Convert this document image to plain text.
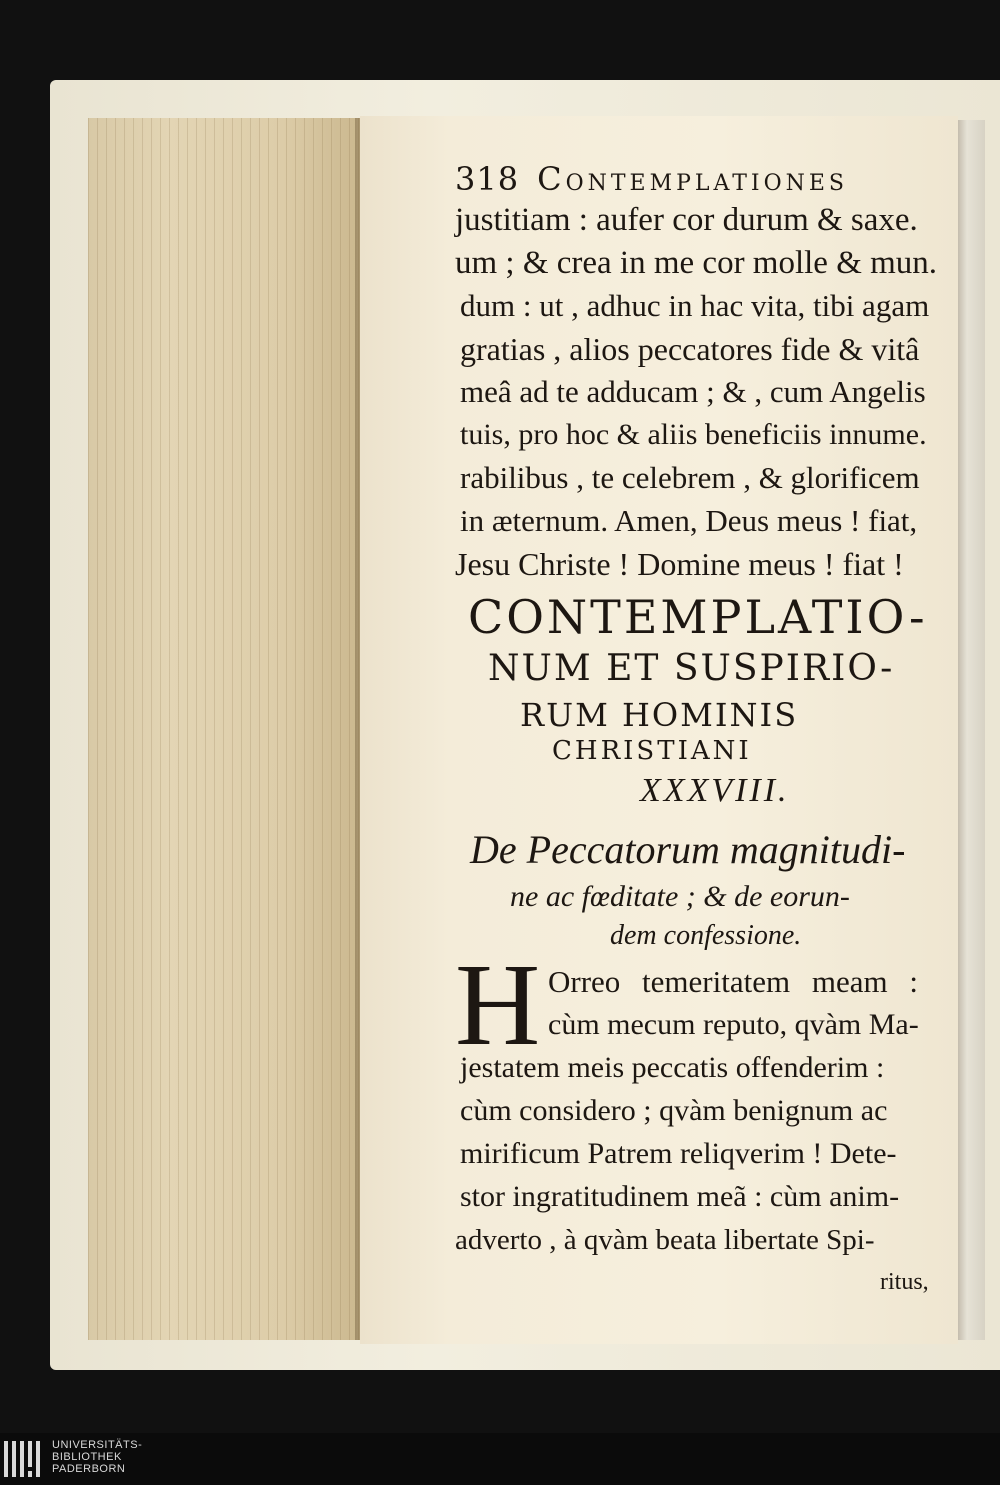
318 Contemplationes
justitiam : aufer cor durum & saxe.
um ; & crea in me cor molle & mun.
dum : ut , adhuc in hac vita, tibi agam
gratias , alios peccatores fide & vitâ
meâ ad te adducam ; & , cum Angelis
tuis, pro hoc & aliis beneficiis innume.
rabilibus , te celebrem , & glorificem
in æternum. Amen, Deus meus ! fiat,
Jesu Christe ! Domine meus ! fiat !
CONTEMPLATIO-
NUM ET SUSPIRIO-
RUM HOMINIS
CHRISTIANI
XXXVIII.
De Peccatorum magnitudi-
ne ac fœditate ; & de eorun-
dem confessione.
H Orreo temeritatem meam :
cùm mecum reputo, qvàm Ma-
jestatem meis peccatis offenderim :
cùm considero ; qvàm benignum ac
mirificum Patrem reliqverim ! Dete-
stor ingratitudinem meã : cùm anim-
adverto , à qvàm beata libertate Spi-
ritus,
UNIVERSITÄTS-
BIBLIOTHEK
PADERBORN
